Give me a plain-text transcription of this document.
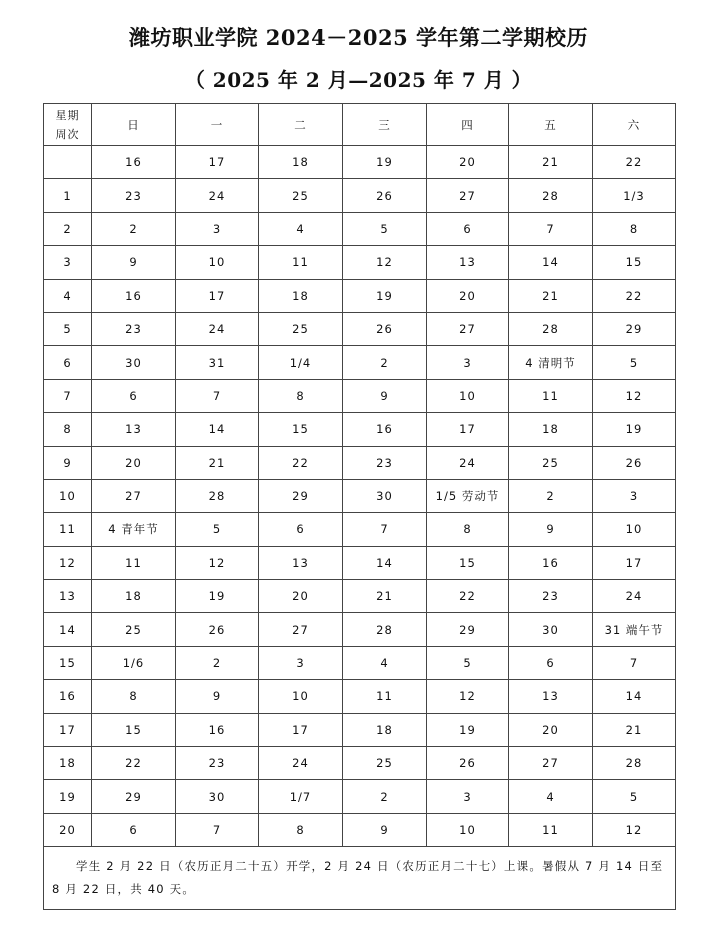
潍坊职业学院 2024－2025 学年第二学期校历
（ 2025 年 2 月—2025 年 7 月 ）
星期
周次	日	一	二	三	四	五	六
	16	17	18	19	20	21	22
1	23	24	25	26	27	28	1/3
2	2	3	4	5	6	7	8
3	9	10	11	12	13	14	15
4	16	17	18	19	20	21	22
5	23	24	25	26	27	28	29
6	30	31	1/4	2	3	4 清明节	5
7	6	7	8	9	10	11	12
8	13	14	15	16	17	18	19
9	20	21	22	23	24	25	26
10	27	28	29	30	1/5 劳动节	2	3
11	4 青年节	5	6	7	8	9	10
12	11	12	13	14	15	16	17
13	18	19	20	21	22	23	24
14	25	26	27	28	29	30	31 端午节
15	1/6	2	3	4	5	6	7
16	8	9	10	11	12	13	14
17	15	16	17	18	19	20	21
18	22	23	24	25	26	27	28
19	29	30	1/7	2	3	4	5
20	6	7	8	9	10	11	12
学生 2 月 22 日（农历正月二十五）开学，2 月 24 日（农历正月二十七）上课。暑假从 7 月 14 日至 8 月 22 日，共 40 天。							
